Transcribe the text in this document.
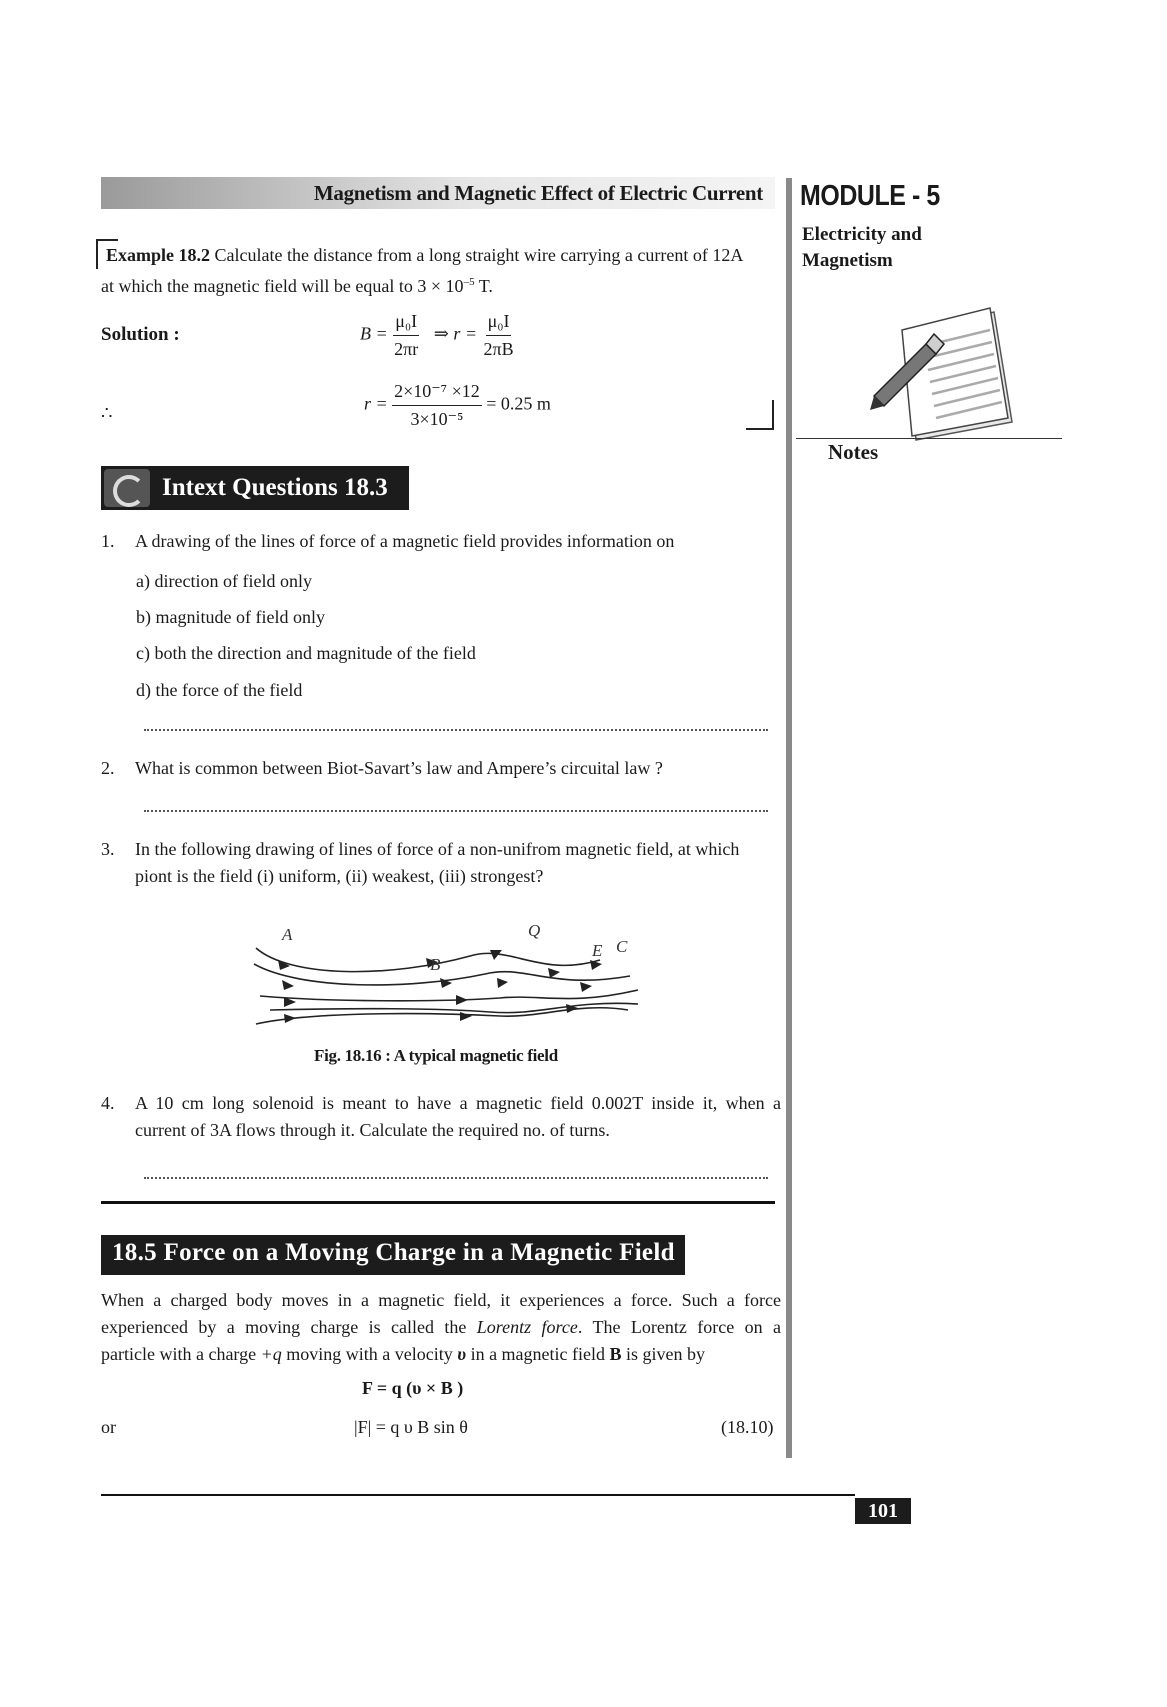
Magnetism and Magnetic Effect of Electric Current MODULE - 5
Electricity and
Magnetism
Notes
Example 18.2 Calculate the distance from a long straight wire carrying a current of 12A
at which the magnetic field will be equal to $3 \times 10^{-5}$ T.
Solution :	$B = \frac{\text{μ₀I}}{2\pi r}$ ⇒ $r = \frac{\text{μ₀I}}{2\pi B}$
∴	$r = \frac{\text{2×10⁻⁷ ×12}}{\text{3×10⁻⁵}} = 0.25$ m
Intext Questions 18.3
1. A drawing of the lines of force of a magnetic field provides information on
a) direction of field only
b) magnitude of field only
c) both the direction and magnitude of the field
d) the force of the field
2. What is common between Biot-Savart’s law and Ampere’s circuital law ?
3. In the following drawing of lines of force of a non-unifrom magnetic field, at which
piont is the field (i) uniform, (ii) weakest, (iii) strongest?
A
B
Q
E C
Fig. 18.16 : A typical magnetic field
4.	A 10 cm long solenoid is meant to have a magnetic field 0.002T inside it, when a
current of 3A flows through it. Calculate the required no. of turns.
18.5 Force on a Moving Charge in a Magnetic Field
When a charged body moves in a magnetic field, it experiences a force. Such a force
experienced by a moving charge is called the Lorentz force. The Lorentz force on a
particle with a charge +q moving with a velocity υ in a magnetic field B is given by
F = q (υ × B )
or	|F| = q υ B sin θ	(18.10)
101
